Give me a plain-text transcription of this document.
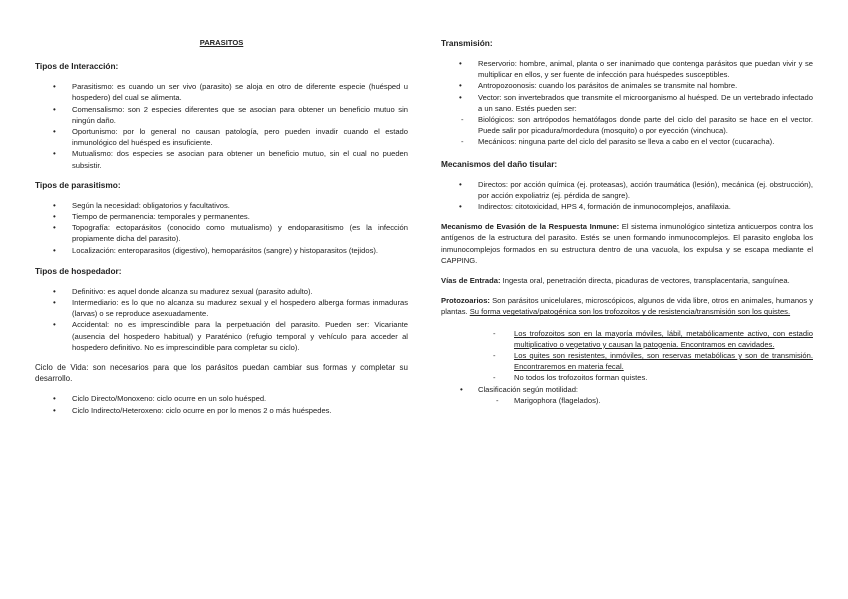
PARASITOS
Tipos de Interacción:
• Parasitismo: es cuando un ser vivo (parasito) se aloja en otro de diferente especie (huésped u hospedero) del cual se alimenta.
• Comensalismo: son 2 especies diferentes que se asocian para obtener un beneficio mutuo sin ningún daño.
• Oportunismo: por lo general no causan patología, pero pueden invadir cuando el estado inmunológico del huésped es insuficiente.
• Mutualismo: dos especies se asocian para obtener un beneficio mutuo, sin el cual no pueden subsistir.
Tipos de parasitismo:
• Según la necesidad: obligatorios y facultativos.
• Tiempo de permanencia: temporales y permanentes.
• Topografía: ectoparásitos (conocido como mutualismo) y endoparasitismo (es la infección propiamente dicha del parasito).
• Localización: enteroparasitos (digestivo), hemoparásitos (sangre) y histoparasitos (tejidos).
Tipos de hospedador:
• Definitivo: es aquel donde alcanza su madurez sexual (parasito adulto).
• Intermediario: es lo que no alcanza su madurez sexual y el hospedero alberga formas inmaduras (larvas) o se reproduce asexuadamente.
• Accidental: no es imprescindible para la perpetuación del parasito. Pueden ser: Vicariante (ausencia del hospedero habitual) y Paraténico (refugio temporal y vehículo para acceder al hospedero definitivo. No es imprescindible para completar su ciclo).

Ciclo de Vida: son necesarios para que los parásitos puedan cambiar sus formas y completar su desarrollo.

• Ciclo Directo/Monoxeno: ciclo ocurre en un solo huésped.
• Ciclo Indirecto/Heteroxeno: ciclo ocurre en por lo menos 2 o más huéspedes.
Transmisión:
• Reservorio: hombre, animal, planta o ser inanimado que contenga parásitos que puedan vivir y se multiplicar en ellos, y ser fuente de infección para huéspedes susceptibles.
• Antropozoonosis: cuando los parásitos de animales se transmite nal hombre.
• Vector: son invertebrados que transmite el microorganismo al huésped. De un vertebrado infectado a un sano. Estés pueden ser:
- Biológicos: son artrópodos hematófagos donde parte del ciclo del parasito se hace en el vector. Puede salir por picadura/mordedura (mosquito) o por eyección (vinchuca).
- Mecánicos: ninguna parte del ciclo del parasito se lleva a cabo en el vector (cucaracha).
Mecanismos del daño tisular:
• Directos: por acción química (ej. proteasas), acción traumática (lesión), mecánica (ej. obstrucción), por acción expoliatriz (ej. pérdida de sangre).
• Indirectos: citotoxicidad, HPS 4, formación de inmunocomplejos, anafilaxia.

Mecanismo de Evasión de la Respuesta Inmune: El sistema inmunológico sintetiza anticuerpos contra los antígenos de la estructura del parasito. Estés se unen formando inmunocomplejos. El parasito engloba los inmunocomplejos formados en su estructura dentro de una vacuola, los expulsa y se escapa mediante el CAPPING.

Vías de Entrada: Ingesta oral, penetración directa, picaduras de vectores, transplacentaria, sanguínea.

Protozoarios: Son parásitos unicelulares, microscópicos, algunos de vida libre, otros en animales, humanos y plantas. Su forma vegetativa/patogénica son los trofozoitos y de resistencia/transmisión son los quistes.

- Los trofozoitos son en la mayoría móviles, lábil, metabólicamente activo, con estadio multiplicativo o vegetativo y causan la patogenia. Encontramos en cavidades.
- Los quites son resistentes, inmóviles, son reservas metabólicas y son de transmisión. Encontraremos en materia fecal.
- No todos los trofozoitos forman quistes.
• Clasificación según motilidad:
- Marigophora (flagelados).
